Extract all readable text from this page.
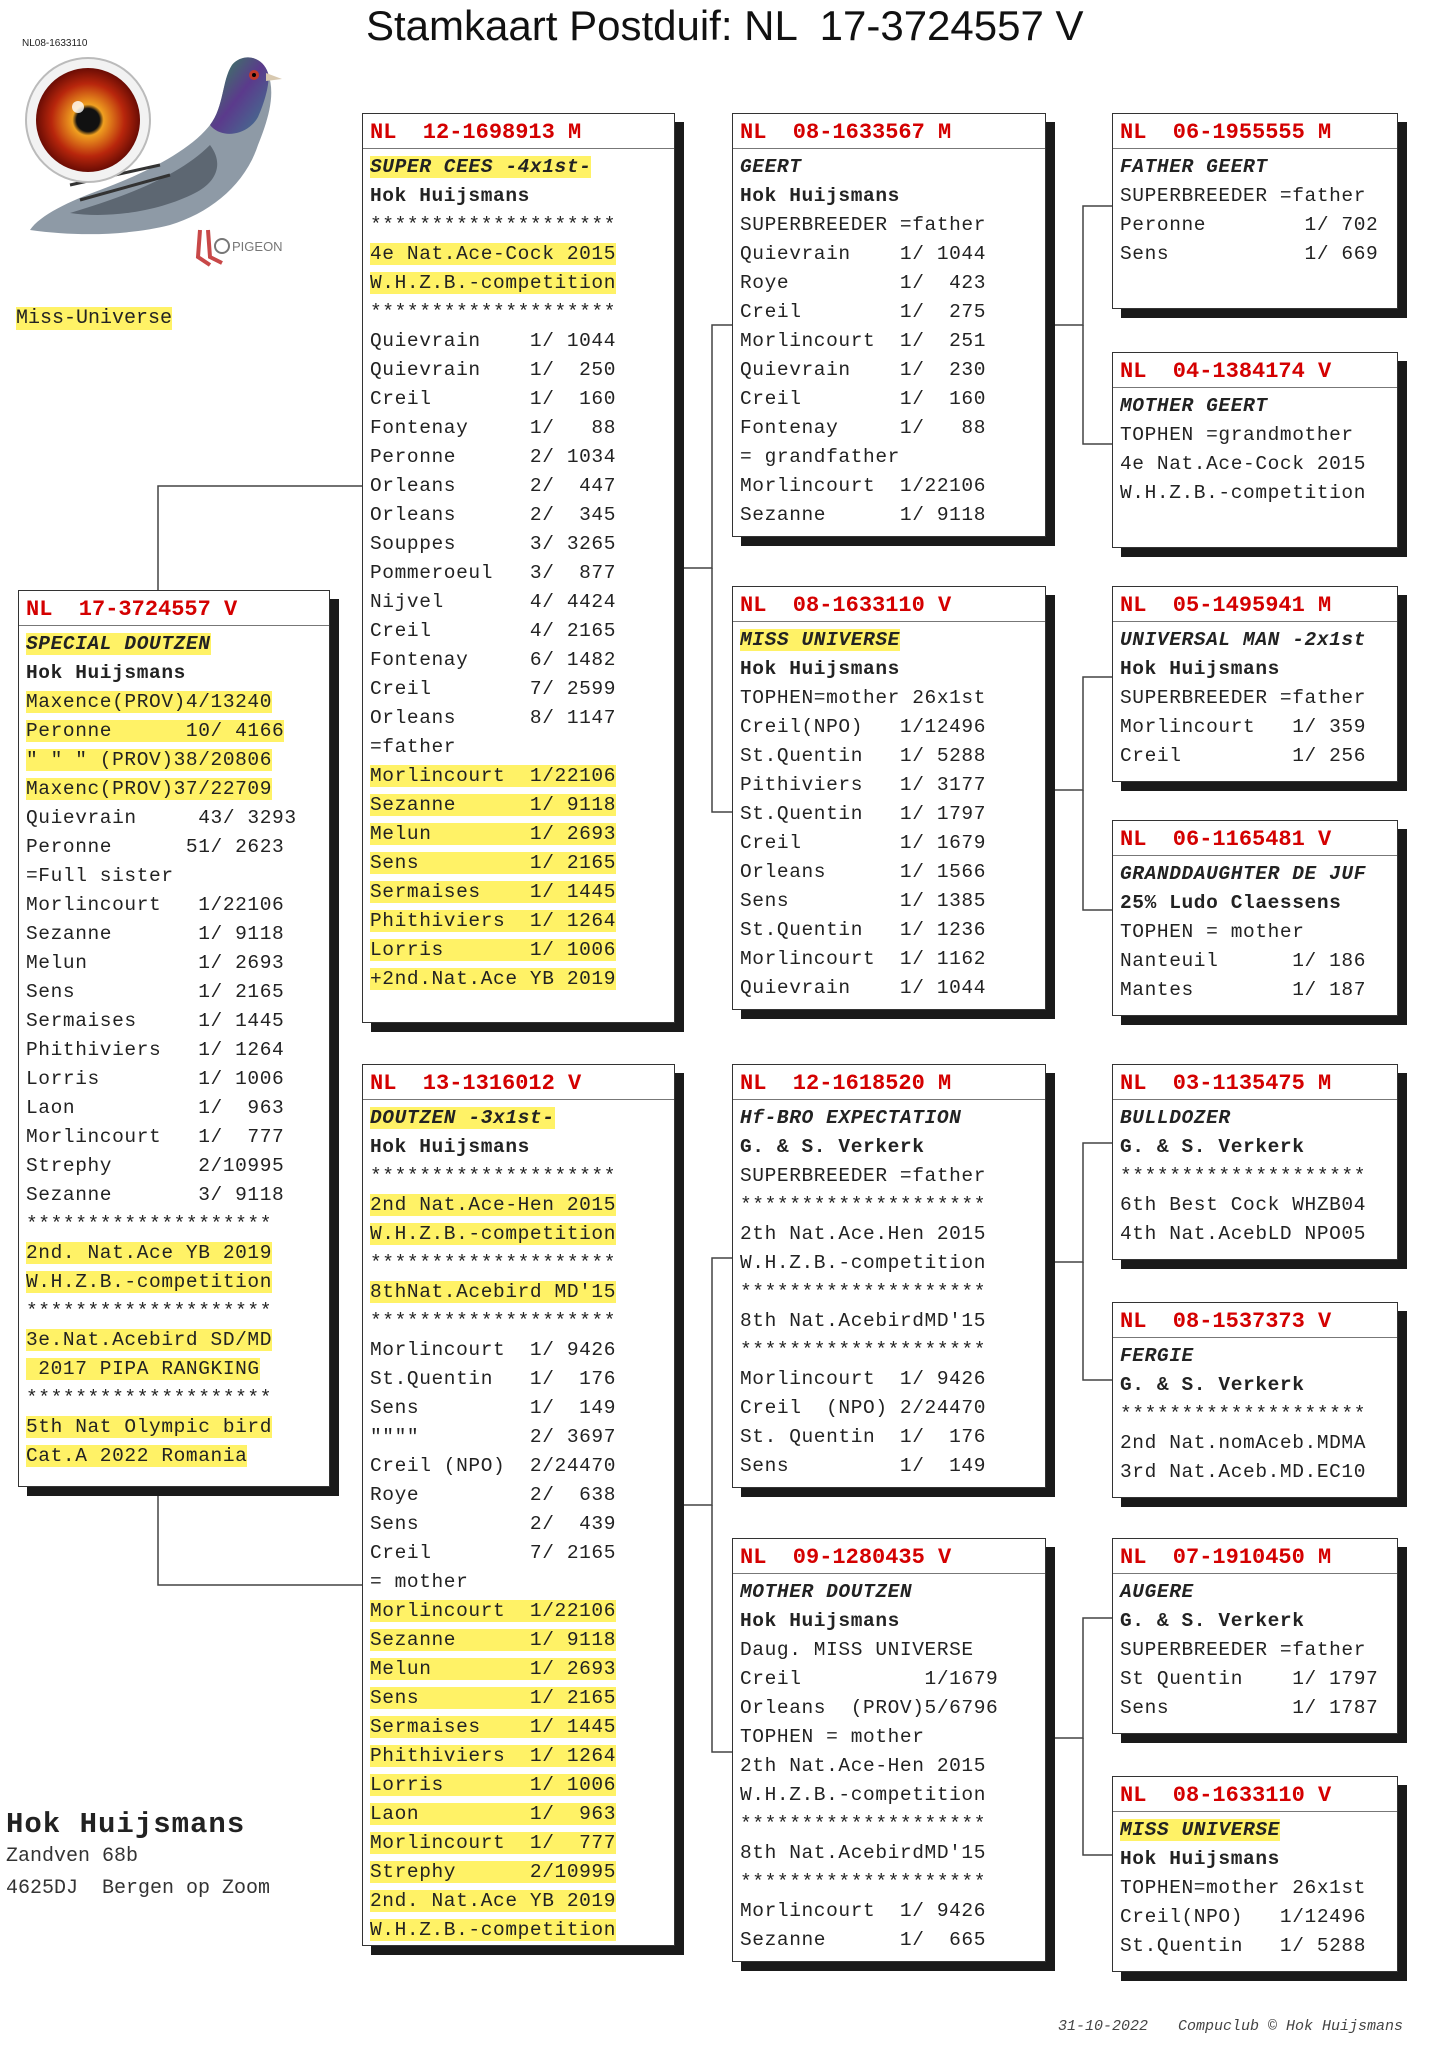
Stamkaart Postduif: NL  17-3724557 V
PIGEON
NL08-1633110
Miss-Universe
NL  17-3724557 V
SPECIAL DOUTZEN
Hok Huijsmans
Maxence(PROV)4/13240
Peronne      10/ 4166
" " " (PROV)38/20806
Maxenc(PROV)37/22709
Quievrain     43/ 3293
Peronne      51/ 2623
=Full sister
Morlincourt   1/22106
Sezanne       1/ 9118
Melun         1/ 2693
Sens          1/ 2165
Sermaises     1/ 1445
Phithiviers   1/ 1264
Lorris        1/ 1006
Laon          1/  963
Morlincourt   1/  777
Strephy       2/10995
Sezanne       3/ 9118
********************
2nd. Nat.Ace YB 2019
W.H.Z.B.-competition
********************
3e.Nat.Acebird SD/MD
2017 PIPA RANGKING
********************
5th Nat Olympic bird
Cat.A 2022 Romania
NL  12-1698913 M
SUPER CEES -4x1st-
Hok Huijsmans
********************
4e Nat.Ace-Cock 2015
W.H.Z.B.-competition
********************
Quievrain    1/ 1044
Quievrain    1/  250
Creil        1/  160
Fontenay     1/   88
Peronne      2/ 1034
Orleans      2/  447
Orleans      2/  345
Souppes      3/ 3265
Pommeroeul   3/  877
Nijvel       4/ 4424
Creil        4/ 2165
Fontenay     6/ 1482
Creil        7/ 2599
Orleans      8/ 1147
=father
Morlincourt  1/22106
Sezanne      1/ 9118
Melun        1/ 2693
Sens         1/ 2165
Sermaises    1/ 1445
Phithiviers  1/ 1264
Lorris       1/ 1006
+2nd.Nat.Ace YB 2019
NL  13-1316012 V
DOUTZEN -3x1st-
Hok Huijsmans
********************
2nd Nat.Ace-Hen 2015
W.H.Z.B.-competition
********************
8thNat.Acebird MD'15
********************
Morlincourt  1/ 9426
St.Quentin   1/  176
Sens         1/  149
""""         2/ 3697
Creil (NPO)  2/24470
Roye         2/  638
Sens         2/  439
Creil        7/ 2165
= mother
Morlincourt  1/22106
Sezanne      1/ 9118
Melun        1/ 2693
Sens         1/ 2165
Sermaises    1/ 1445
Phithiviers  1/ 1264
Lorris       1/ 1006
Laon         1/  963
Morlincourt  1/  777
Strephy      2/10995
2nd. Nat.Ace YB 2019
W.H.Z.B.-competition
NL  08-1633567 M
GEERT
Hok Huijsmans
SUPERBREEDER =father
Quievrain    1/ 1044
Roye         1/  423
Creil        1/  275
Morlincourt  1/  251
Quievrain    1/  230
Creil        1/  160
Fontenay     1/   88
= grandfather
Morlincourt  1/22106
Sezanne      1/ 9118
NL  08-1633110 V
MISS UNIVERSE
Hok Huijsmans
TOPHEN=mother 26x1st
Creil(NPO)   1/12496
St.Quentin   1/ 5288
Pithiviers   1/ 3177
St.Quentin   1/ 1797
Creil        1/ 1679
Orleans      1/ 1566
Sens         1/ 1385
St.Quentin   1/ 1236
Morlincourt  1/ 1162
Quievrain    1/ 1044
NL  12-1618520 M
Hf-BRO EXPECTATION
G. & S. Verkerk
SUPERBREEDER =father
********************
2th Nat.Ace.Hen 2015
W.H.Z.B.-competition
********************
8th Nat.AcebirdMD'15
********************
Morlincourt  1/ 9426
Creil  (NPO) 2/24470
St. Quentin  1/  176
Sens         1/  149
NL  09-1280435 V
MOTHER DOUTZEN
Hok Huijsmans
Daug. MISS UNIVERSE
Creil          1/1679
Orleans  (PROV)5/6796
TOPHEN = mother
2th Nat.Ace-Hen 2015
W.H.Z.B.-competition
********************
8th Nat.AcebirdMD'15
********************
Morlincourt  1/ 9426
Sezanne      1/  665
NL  06-1955555 M
FATHER GEERT
SUPERBREEDER =father
Peronne        1/ 702
Sens           1/ 669
NL  04-1384174 V
MOTHER GEERT
TOPHEN =grandmother
4e Nat.Ace-Cock 2015
W.H.Z.B.-competition
NL  05-1495941 M
UNIVERSAL MAN -2x1st
Hok Huijsmans
SUPERBREEDER =father
Morlincourt   1/ 359
Creil         1/ 256
NL  06-1165481 V
GRANDDAUGHTER DE JUF
25% Ludo Claessens
TOPHEN = mother
Nanteuil      1/ 186
Mantes        1/ 187
NL  03-1135475 M
BULLDOZER
G. & S. Verkerk
********************
6th Best Cock WHZB04
4th Nat.AcebLD NPO05
NL  08-1537373 V
FERGIE
G. & S. Verkerk
********************
2nd Nat.nomAceb.MDMA
3rd Nat.Aceb.MD.EC10
NL  07-1910450 M
AUGERE
G. & S. Verkerk
SUPERBREEDER =father
St Quentin    1/ 1797
Sens          1/ 1787
NL  08-1633110 V
MISS UNIVERSE
Hok Huijsmans
TOPHEN=mother 26x1st
Creil(NPO)   1/12496
St.Quentin   1/ 5288
Hok Huijsmans
Zandven 68b
4625DJ  Bergen op Zoom
31-10-2022 Compuclub © Hok Huijsmans
